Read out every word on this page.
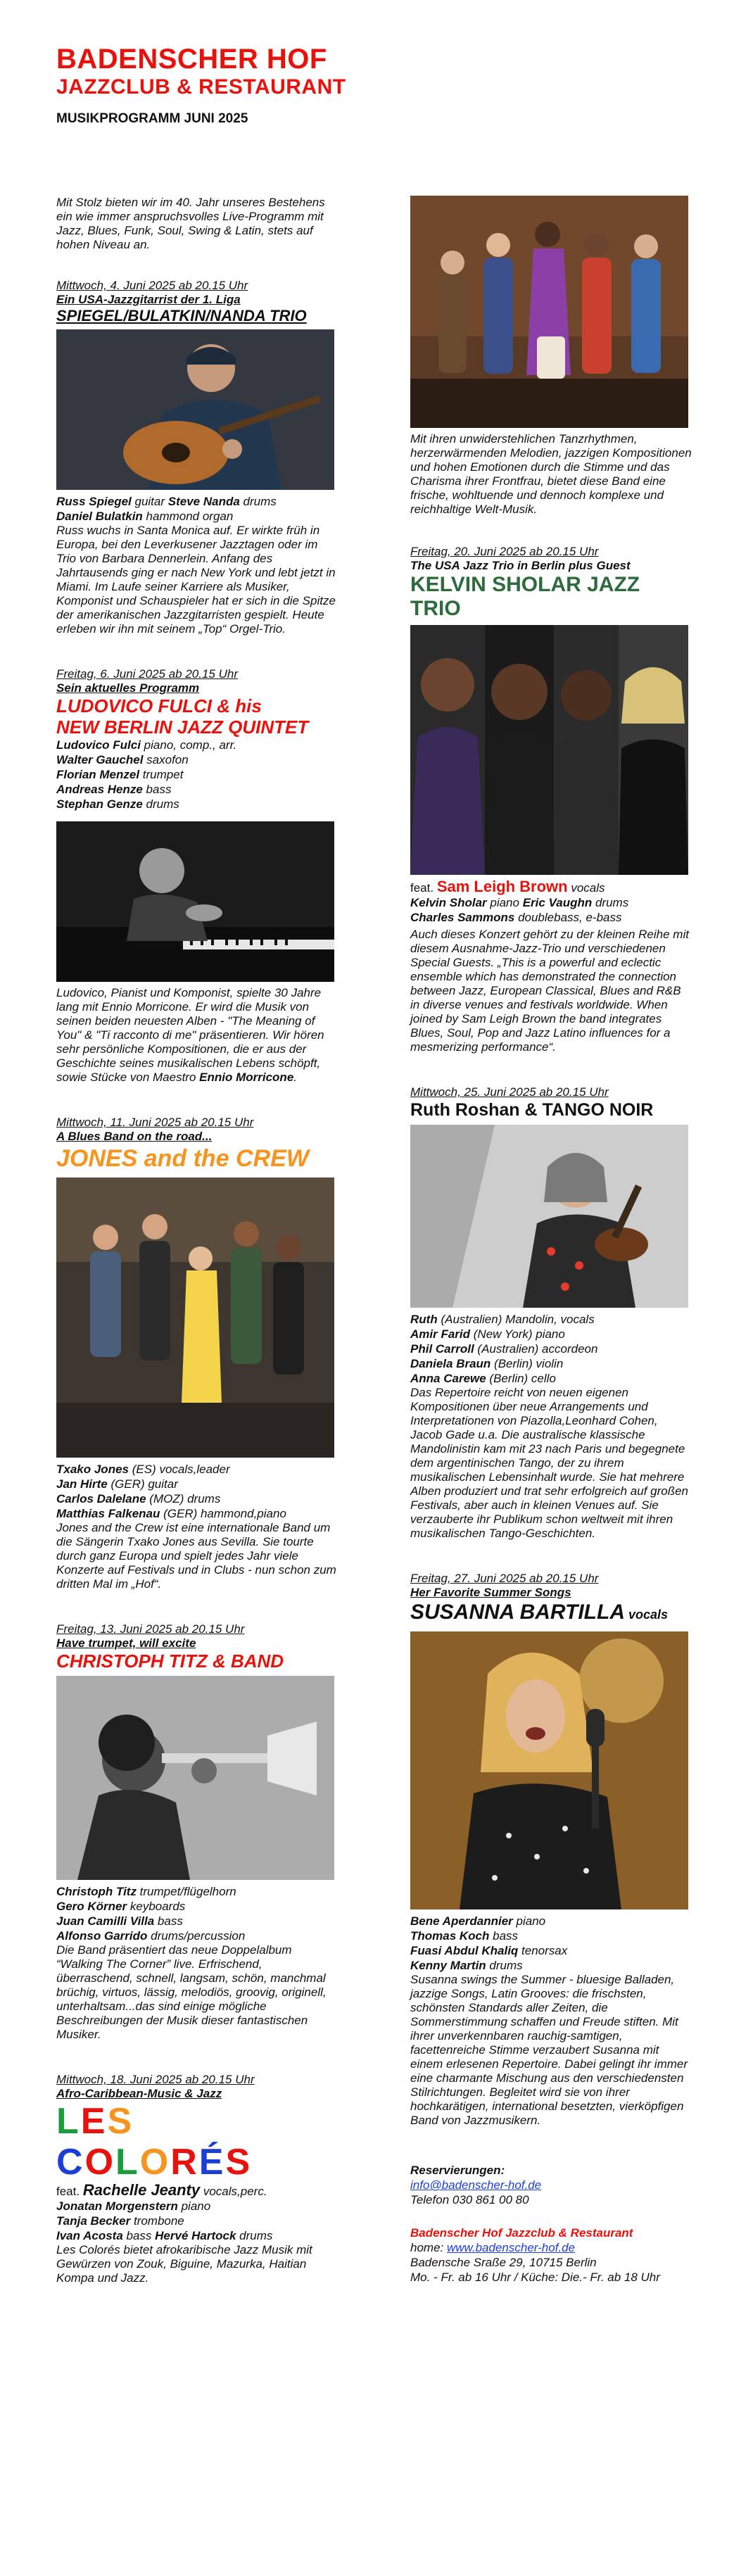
BADENSCHER HOF
JAZZCLUB & RESTAURANT
MUSIKPROGRAMM JUNI 2025

Mit Stolz bieten wir im 40. Jahr unseres Bestehens ein wie immer anspruchsvolles Live-Programm mit Jazz, Blues, Funk, Soul, Swing & Latin, stets auf hohen Niveau an.

Mittwoch, 4. Juni 2025 ab 20.15 Uhr
Ein USA-Jazzgitarrist der 1. Liga
SPIEGEL/BULATKIN/NANDA TRIO
Russ Spiegel guitar Steve Nanda drums
Daniel Bulatkin hammond organ

Russ wuchs in Santa Monica auf. Er wirkte früh in Europa, bei den Leverkusener Jazztagen oder im Trio von Barbara Dennerlein. Anfang des Jahrtausends ging er nach New York und lebt jetzt in Miami. Im Laufe seiner Karriere als Musiker, Komponist und Schauspieler hat er sich in die Spitze der amerikanischen Jazzgitarristen gespielt. Heute erleben wir ihn mit seinem „Top“ Orgel-Trio.

Freitag, 6. Juni 2025 ab 20.15 Uhr
Sein aktuelles Programm
LUDOVICO FULCI & his
NEW BERLIN JAZZ QUINTET
Ludovico Fulci piano, comp., arr.
Walter Gauchel saxofon
Florian Menzel trumpet
Andreas Henze bass
Stephan Genze drums

Ludovico, Pianist und Komponist, spielte 30 Jahre lang mit Ennio Morricone. Er wird die Musik von seinen beiden neuesten Alben - "The Meaning of You" & "Ti racconto di me" präsentieren. Wir hören sehr persönliche Kompositionen, die er aus der Geschichte seines musikalischen Lebens schöpft, sowie Stücke von Maestro Ennio Morricone.

Mittwoch, 11. Juni 2025 ab 20.15 Uhr
A Blues Band on the road...
JONES and the CREW
Txako Jones (ES) vocals,leader
Jan Hirte (GER) guitar
Carlos Dalelane (MOZ) drums
Matthias Falkenau (GER) hammond,piano

Jones and the Crew ist eine internationale Band um die Sängerin Txako Jones aus Sevilla. Sie tourte durch ganz Europa und spielt jedes Jahr viele Konzerte auf Festivals und in Clubs - nun schon zum dritten Mal im „Hof“.

Freitag, 13. Juni 2025 ab 20.15 Uhr
Have trumpet, will excite
CHRISTOPH TITZ & BAND
Christoph Titz trumpet/flügelhorn
Gero Körner keyboards
Juan Camilli Villa bass
Alfonso Garrido drums/percussion

Die Band präsentiert das neue Doppelalbum “Walking The Corner” live. Erfrischend, überraschend, schnell, langsam, schön, manchmal brüchig, virtuos, lässig, melodiös, groovig, originell, unterhaltsam...das sind einige mögliche Beschreibungen der Musik dieser fantastischen Musiker.

Mittwoch, 18. Juni 2025 ab 20.15 Uhr
Afro-Caribbean-Music & Jazz
LES COLORÉS
feat. Rachelle Jeanty vocals,perc.
Jonatan Morgenstern piano
Tanja Becker trombone
Ivan Acosta bass Hervé Hartock drums

Les Colorés bietet afrokaribische Jazz Musik mit Gewürzen von Zouk, Biguine, Mazurka, Haitian Kompa und Jazz.

Mit ihren unwiderstehlichen Tanzrhythmen, herzerwärmenden Melodien, jazzigen Kompositionen und hohen Emotionen durch die Stimme und das Charisma ihrer Frontfrau, bietet diese Band eine frische, wohltuende und dennoch komplexe und reichhaltige Welt-Musik.

Freitag, 20. Juni 2025 ab 20.15 Uhr
The USA Jazz Trio in Berlin plus Guest
KELVIN SHOLAR JAZZ TRIO
feat. Sam Leigh Brown vocals
Kelvin Sholar piano Eric Vaughn drums
Charles Sammons doublebass, e-bass

Auch dieses Konzert gehört zu der kleinen Reihe mit diesem Ausnahme-Jazz-Trio und verschiedenen Special Guests. „This is a powerful and eclectic ensemble which has demonstrated the connection between Jazz, European Classical, Blues and R&B in diverse venues and festivals worldwide. When joined by Sam Leigh Brown the band integrates Blues, Soul, Pop and Jazz Latino influences for a mesmerizing performance“.

Mittwoch, 25. Juni 2025 ab 20.15 Uhr
Ruth Roshan & TANGO NOIR
Ruth (Australien) Mandolin, vocals
Amir Farid (New York) piano
Phil Carroll (Australien) accordeon
Daniela Braun (Berlin) violin
Anna Carewe (Berlin) cello

Das Repertoire reicht von neuen eigenen Kompositionen über neue Arrangements und Interpretationen von Piazolla,Leonhard Cohen, Jacob Gade u.a. Die australische klassische Mandolinistin kam mit 23 nach Paris und begegnete dem argentinischen Tango, der zu ihrem musikalischen Lebensinhalt wurde. Sie hat mehrere Alben produziert und trat sehr erfolgreich auf großen Festivals, aber auch in kleinen Venues auf. Sie verzauberte ihr Publikum schon weltweit mit ihren musikalischen Tango-Geschichten.

Freitag, 27. Juni 2025 ab 20.15 Uhr
Her Favorite Summer Songs
SUSANNA BARTILLA vocals
Bene Aperdannier piano
Thomas Koch bass
Fuasi Abdul Khaliq tenorsax
Kenny Martin drums

Susanna swings the Summer - bluesige Balladen, jazzige Songs, Latin Grooves: die frischsten, schönsten Standards aller Zeiten, die Sommerstimmung schaffen und Freude stiften. Mit ihrer unverkennbaren rauchig-samtigen, facettenreiche Stimme verzaubert Susanna mit einem erlesenen Repertoire. Dabei gelingt ihr immer eine charmante Mischung aus den verschiedensten Stilrichtungen. Begleitet wird sie von ihrer hochkarätigen, international besetzten, vierköpfigen Band von Jazzmusikern.

Reservierungen:
info@badenscher-hof.de
Telefon 030 861 00 80
Badenscher Hof Jazzclub & Restaurant
home: www.badenscher-hof.de
Badensche Sraße 29, 10715 Berlin
Mo. - Fr. ab 16 Uhr / Küche: Die.- Fr. ab 18 Uhr
